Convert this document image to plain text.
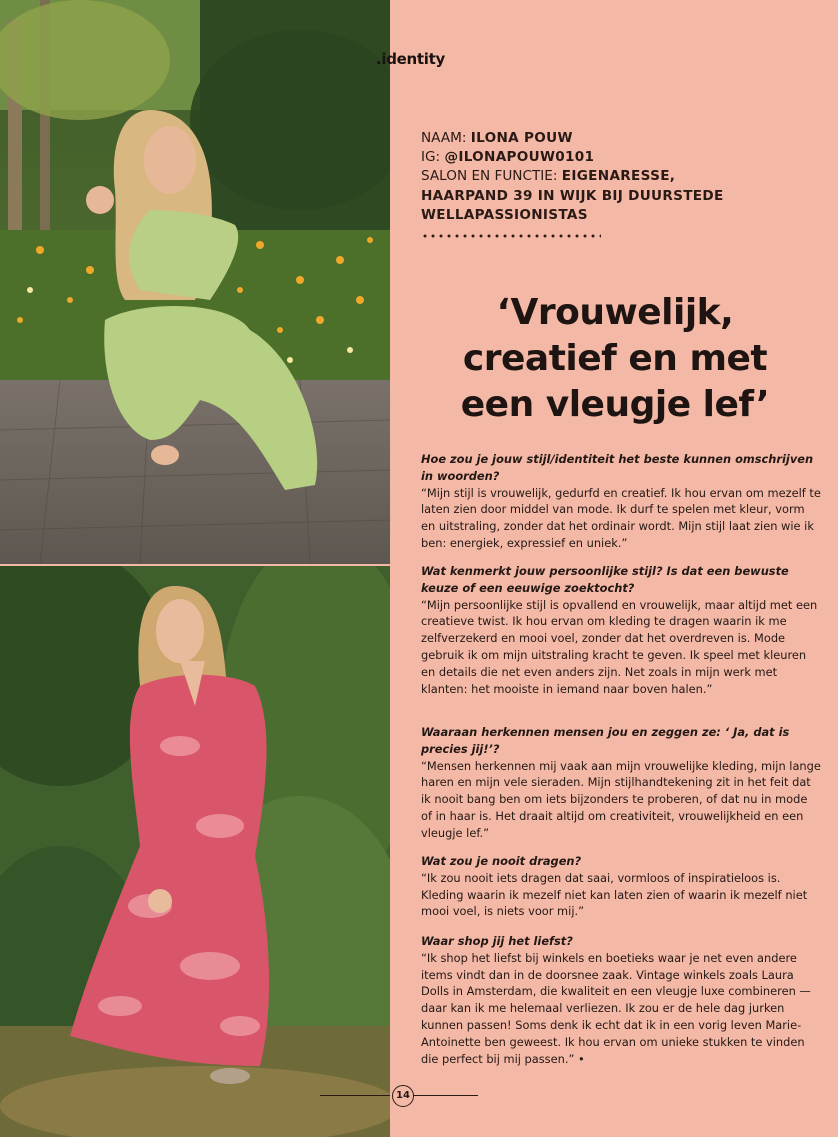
.identity
NAAM: ILONA POUW
IG: @ILONAPOUW0101
SALON EN FUNCTIE: EIGENARESSE,
HAARPAND 39 IN WIJK BIJ DUURSTEDE
WELLAPASSIONISTAS
‘Vrouwelijk,
creatief en met
een vleugje lef’
Hoe zou je jouw stijl/identiteit het beste kunnen omschrijven in woorden?
“Mijn stijl is vrouwelijk, gedurfd en creatief. Ik hou ervan om mezelf te laten zien door middel van mode. Ik durf te spelen met kleur, vorm en uitstraling, zonder dat het ordinair wordt. Mijn stijl laat zien wie ik ben: energiek, expressief en uniek.”
Wat kenmerkt jouw persoonlijke stijl? Is dat een bewuste keuze of een eeuwige zoektocht?
“Mijn persoonlijke stijl is opvallend en vrouwelijk, maar altijd met een creatieve twist. Ik hou ervan om kleding te dragen waarin ik me zelfverzekerd en mooi voel, zonder dat het overdreven is. Mode gebruik ik om mijn uitstraling kracht te geven. Ik speel met kleuren en details die net even anders zijn. Net zoals in mijn werk met klanten: het mooiste in iemand naar boven halen.”
Waaraan herkennen mensen jou en zeggen ze: ‘ Ja, dat is precies jij!’?
“Mensen herkennen mij vaak aan mijn vrouwelijke kleding, mijn lange haren en mijn vele sieraden. Mijn stijlhandtekening zit in het feit dat ik nooit bang ben om iets bijzonders te proberen, of dat nu in mode of in haar is. Het draait altijd om creativiteit, vrouwelijkheid en een vleugje lef.”
Wat zou je nooit dragen?
“Ik zou nooit iets dragen dat saai, vormloos of inspiratieloos is. Kleding waarin ik mezelf niet kan laten zien of waarin ik mezelf niet mooi voel, is niets voor mij.”
Waar shop jij het liefst?
“Ik shop het liefst bij winkels en boetieks waar je net even andere items vindt dan in de doorsnee zaak. Vintage winkels zoals Laura Dolls in Amsterdam, die kwaliteit en een vleugje luxe combineren — daar kan ik me helemaal verliezen. Ik zou er de hele dag jurken kunnen passen! Soms denk ik echt dat ik in een vorig leven Marie-Antoinette ben geweest. Ik hou ervan om unieke stukken te vinden die perfect bij mij passen.” •
14
